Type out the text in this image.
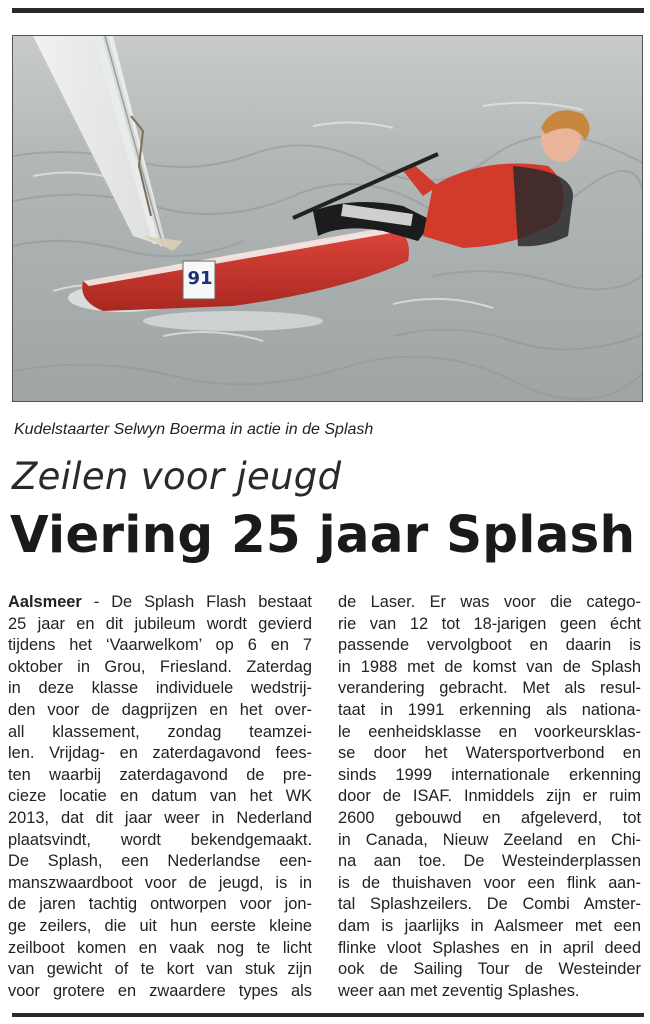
91
Kudelstaarter Selwyn Boerma in actie in de Splash
Zeilen voor jeugd
Viering 25 jaar Splash
Aalsmeer - De Splash Flash bestaat
25 jaar en dit jubileum wordt gevierd
tijdens het ‘Vaarwelkom’ op 6 en 7
oktober in Grou, Friesland. Zaterdag
in deze klasse individuele wedstrij-
den voor de dagprijzen en het over-
all klassement, zondag teamzei-
len. Vrijdag- en zaterdagavond fees-
ten waarbij zaterdagavond de pre-
cieze locatie en datum van het WK
2013, dat dit jaar weer in Nederland
plaatsvindt, wordt bekendgemaakt.
De Splash, een Nederlandse een-
manszwaardboot voor de jeugd, is in
de jaren tachtig ontworpen voor jon-
ge zeilers, die uit hun eerste kleine
zeilboot komen en vaak nog te licht
van gewicht of te kort van stuk zijn
voor grotere en zwaardere types als
de Laser. Er was voor die catego-
rie van 12 tot 18-jarigen geen écht
passende vervolgboot en daarin is
in 1988 met de komst van de Splash
verandering gebracht. Met als resul-
taat in 1991 erkenning als nationa-
le eenheidsklasse en voorkeursklas-
se door het Watersportverbond en
sinds 1999 internationale erkenning
door de ISAF. Inmiddels zijn er ruim
2600 gebouwd en afgeleverd, tot
in Canada, Nieuw Zeeland en Chi-
na aan toe. De Westeinderplassen
is de thuishaven voor een flink aan-
tal Splashzeilers. De Combi Amster-
dam is jaarlijks in Aalsmeer met een
flinke vloot Splashes en in april deed
ook de Sailing Tour de Westeinder
weer aan met zeventig Splashes.
